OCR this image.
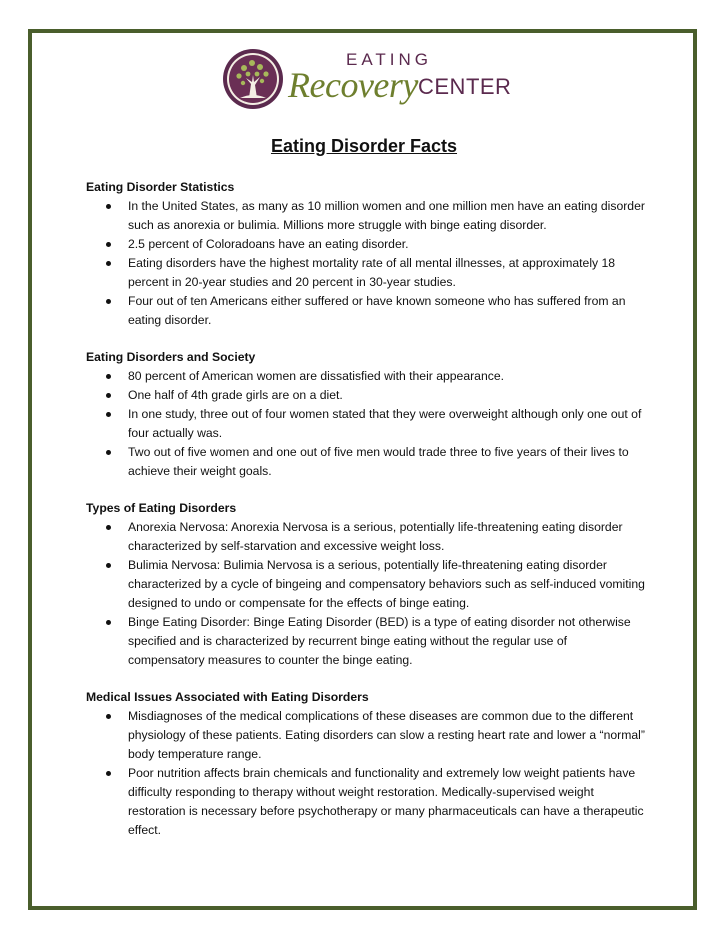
EATING
Recovery CENTER
Eating Disorder Facts
Eating Disorder Statistics
In the United States, as many as 10 million women and one million men have an eating disorder such as anorexia or bulimia. Millions more struggle with binge eating disorder.
2.5 percent of Coloradoans have an eating disorder.
Eating disorders have the highest mortality rate of all mental illnesses, at approximately 18 percent in 20-year studies and 20 percent in 30-year studies.
Four out of ten Americans either suffered or have known someone who has suffered from an eating disorder.
Eating Disorders and Society
80 percent of American women are dissatisfied with their appearance.
One half of 4th grade girls are on a diet.
In one study, three out of four women stated that they were overweight although only one out of four actually was.
Two out of five women and one out of five men would trade three to five years of their lives to achieve their weight goals.
Types of Eating Disorders
Anorexia Nervosa: Anorexia Nervosa is a serious, potentially life-threatening eating disorder characterized by self-starvation and excessive weight loss.
Bulimia Nervosa: Bulimia Nervosa is a serious, potentially life-threatening eating disorder characterized by a cycle of bingeing and compensatory behaviors such as self-induced vomiting designed to undo or compensate for the effects of binge eating.
Binge Eating Disorder: Binge Eating Disorder (BED) is a type of eating disorder not otherwise specified and is characterized by recurrent binge eating without the regular use of compensatory measures to counter the binge eating.
Medical Issues Associated with Eating Disorders
Misdiagnoses of the medical complications of these diseases are common due to the different physiology of these patients. Eating disorders can slow a resting heart rate and lower a “normal” body temperature range.
Poor nutrition affects brain chemicals and functionality and extremely low weight patients have difficulty responding to therapy without weight restoration. Medically-supervised weight restoration is necessary before psychotherapy or many pharmaceuticals can have a therapeutic effect.
